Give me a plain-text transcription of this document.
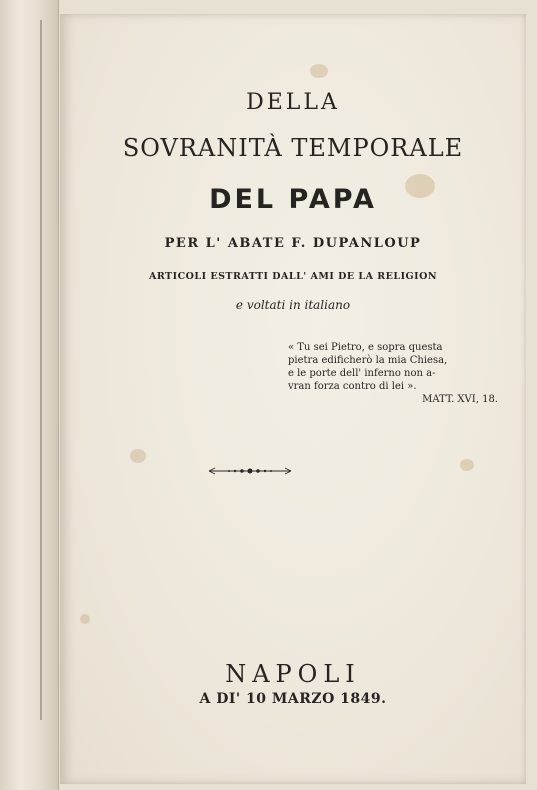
DELLA
SOVRANITÀ TEMPORALE
DEL PAPA
PER L' ABATE F. DUPANLOUP
ARTICOLI ESTRATTI DALL' AMI DE LA RELIGION
e voltati in italiano
« Tu sei Pietro, e sopra questa
pietra edificherò la mia Chiesa,
e le porte dell' inferno non a-
vran forza contro di lei ».
MATT. XVI, 18.
NAPOLI
A DI' 10 MARZO 1849.
